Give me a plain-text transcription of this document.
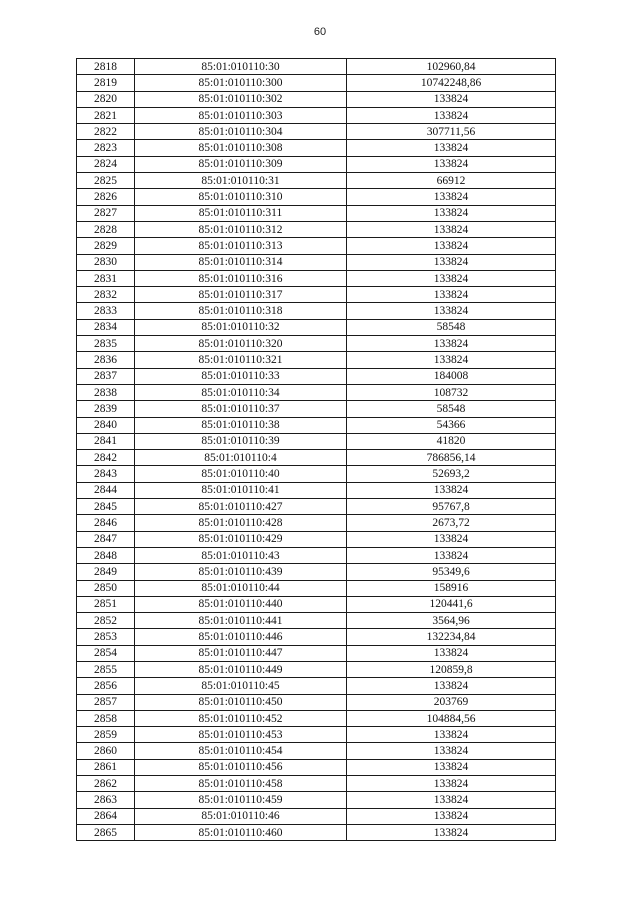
60
2818	85:01:010110:30	102960,84
2819	85:01:010110:300	10742248,86
2820	85:01:010110:302	133824
2821	85:01:010110:303	133824
2822	85:01:010110:304	307711,56
2823	85:01:010110:308	133824
2824	85:01:010110:309	133824
2825	85:01:010110:31	66912
2826	85:01:010110:310	133824
2827	85:01:010110:311	133824
2828	85:01:010110:312	133824
2829	85:01:010110:313	133824
2830	85:01:010110:314	133824
2831	85:01:010110:316	133824
2832	85:01:010110:317	133824
2833	85:01:010110:318	133824
2834	85:01:010110:32	58548
2835	85:01:010110:320	133824
2836	85:01:010110:321	133824
2837	85:01:010110:33	184008
2838	85:01:010110:34	108732
2839	85:01:010110:37	58548
2840	85:01:010110:38	54366
2841	85:01:010110:39	41820
2842	85:01:010110:4	786856,14
2843	85:01:010110:40	52693,2
2844	85:01:010110:41	133824
2845	85:01:010110:427	95767,8
2846	85:01:010110:428	2673,72
2847	85:01:010110:429	133824
2848	85:01:010110:43	133824
2849	85:01:010110:439	95349,6
2850	85:01:010110:44	158916
2851	85:01:010110:440	120441,6
2852	85:01:010110:441	3564,96
2853	85:01:010110:446	132234,84
2854	85:01:010110:447	133824
2855	85:01:010110:449	120859,8
2856	85:01:010110:45	133824
2857	85:01:010110:450	203769
2858	85:01:010110:452	104884,56
2859	85:01:010110:453	133824
2860	85:01:010110:454	133824
2861	85:01:010110:456	133824
2862	85:01:010110:458	133824
2863	85:01:010110:459	133824
2864	85:01:010110:46	133824
2865	85:01:010110:460	133824
